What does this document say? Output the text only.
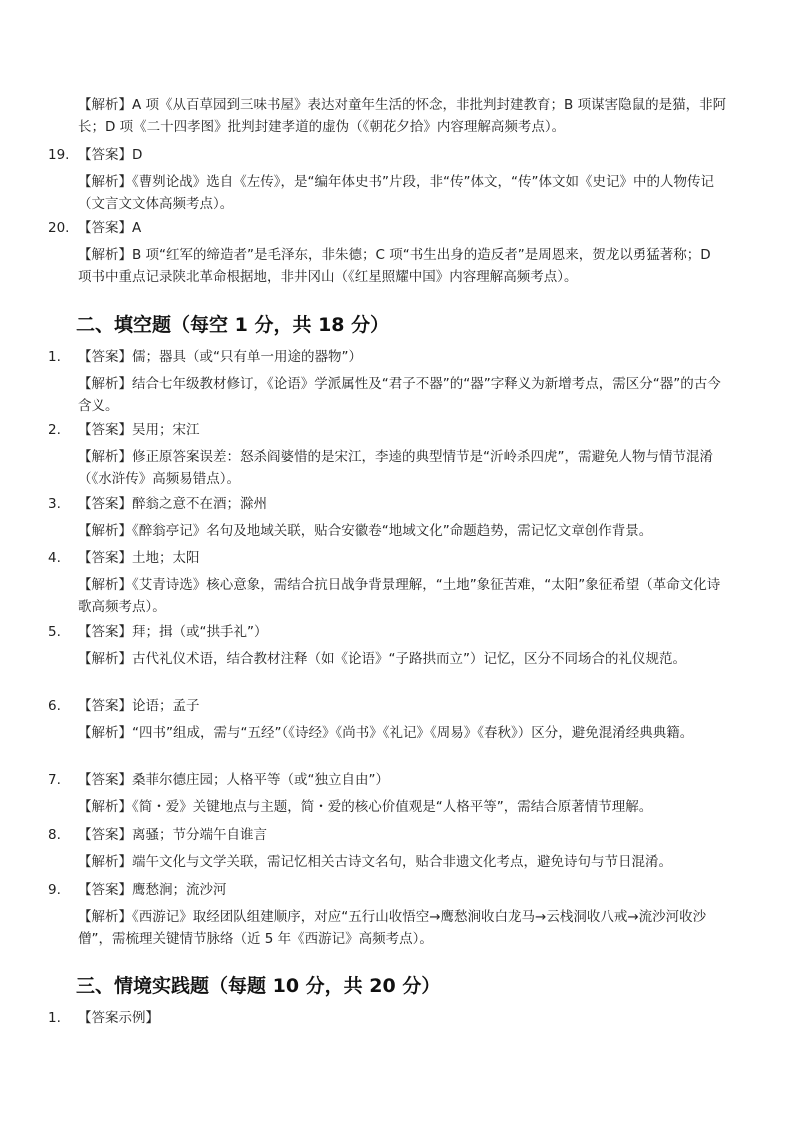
【解析】A 项《从百草园到三味书屋》表达对童年生活的怀念，非批判封建教育；B 项谋害隐鼠的是猫，非阿长；D 项《二十四孝图》批判封建孝道的虚伪（《朝花夕拾》内容理解高频考点）。

19. 【答案】D

【解析】《曹刿论战》选自《左传》，是“编年体史书”片段，非“传”体文，“传”体文如《史记》中的人物传记（文言文文体高频考点）。

20. 【答案】A

【解析】B 项“红军的缔造者”是毛泽东，非朱德；C 项“书生出身的造反者”是周恩来，贺龙以勇猛著称；D 项书中重点记录陕北革命根据地，非井冈山（《红星照耀中国》内容理解高频考点）。

二、填空题（每空 1 分，共 18 分）

1. 【答案】儒；器具（或“只有单一用途的器物”）

【解析】结合七年级教材修订，《论语》学派属性及“君子不器”的“器”字释义为新增考点，需区分“器”的古今含义。

2. 【答案】吴用；宋江

【解析】修正原答案误差：怒杀阎婆惜的是宋江，李逵的典型情节是“沂岭杀四虎”，需避免人物与情节混淆（《水浒传》高频易错点）。

3. 【答案】醉翁之意不在酒；滁州

【解析】《醉翁亭记》名句及地域关联，贴合安徽卷“地域文化”命题趋势，需记忆文章创作背景。

4. 【答案】土地；太阳

【解析】《艾青诗选》核心意象，需结合抗日战争背景理解，“土地”象征苦难，“太阳”象征希望（革命文化诗歌高频考点）。

5. 【答案】拜；揖（或“拱手礼”）

【解析】古代礼仪术语，结合教材注释（如《论语》“子路拱而立”）记忆，区分不同场合的礼仪规范。

6. 【答案】论语；孟子

【解析】“四书”组成，需与“五经”（《诗经》《尚书》《礼记》《周易》《春秋》）区分，避免混淆经典典籍。

7. 【答案】桑菲尔德庄园；人格平等（或“独立自由”）

【解析】《简・爱》关键地点与主题，简・爱的核心价值观是“人格平等”，需结合原著情节理解。

8. 【答案】离骚；节分端午自谁言

【解析】端午文化与文学关联，需记忆相关古诗文名句，贴合非遗文化考点，避免诗句与节日混淆。

9. 【答案】鹰愁涧；流沙河

【解析】《西游记》取经团队组建顺序，对应“五行山收悟空→鹰愁涧收白龙马→云栈洞收八戒→流沙河收沙僧”，需梳理关键情节脉络（近 5 年《西游记》高频考点）。

三、情境实践题（每题 10 分，共 20 分）

1. 【答案示例】
